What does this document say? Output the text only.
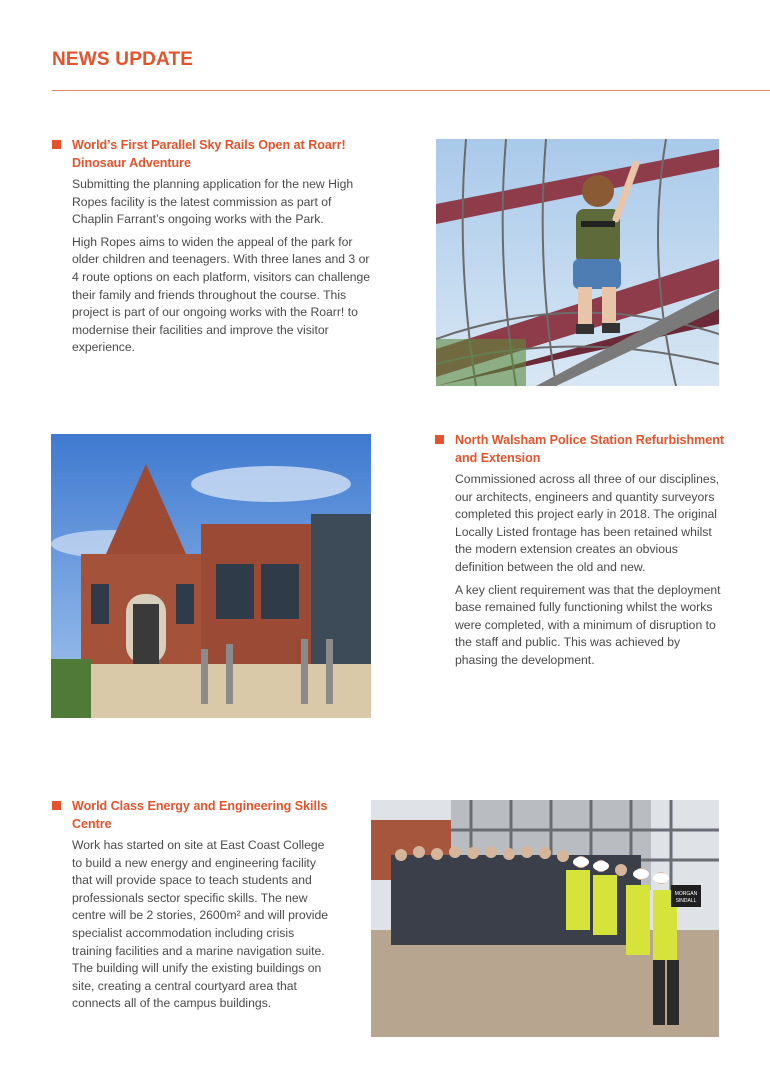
NEWS UPDATE
World’s First Parallel Sky Rails Open at Roarr! Dinosaur Adventure

Submitting the planning application for the new High Ropes facility is the latest commission as part of Chaplin Farrant’s ongoing works with the Park.

High Ropes aims to widen the appeal of the park for older children and teenagers. With three lanes and 3 or 4 route options on each platform, visitors can challenge their family and friends throughout the course. This project is part of our ongoing works with the Roarr! to modernise their facilities and improve the visitor experience.

North Walsham Police Station Refurbishment and Extension

Commissioned across all three of our disciplines, our architects, engineers and quantity surveyors completed this project early in 2018. The original Locally Listed frontage has been retained whilst the modern extension creates an obvious definition between the old and new.

A key client requirement was that the deployment base remained fully functioning whilst the works were completed, with a minimum of disruption to the staff and public. This was achieved by phasing the development.

World Class Energy and Engineering Skills Centre

Work has started on site at East Coast College to build a new energy and engineering facility that will provide space to teach students and professionals sector specific skills. The new centre will be 2 stories, 2600m² and will provide specialist accommodation including crisis training facilities and a marine navigation suite. The building will unify the existing buildings on site, creating a central courtyard area that connects all of the campus buildings.

MORGAN
SINDALL
